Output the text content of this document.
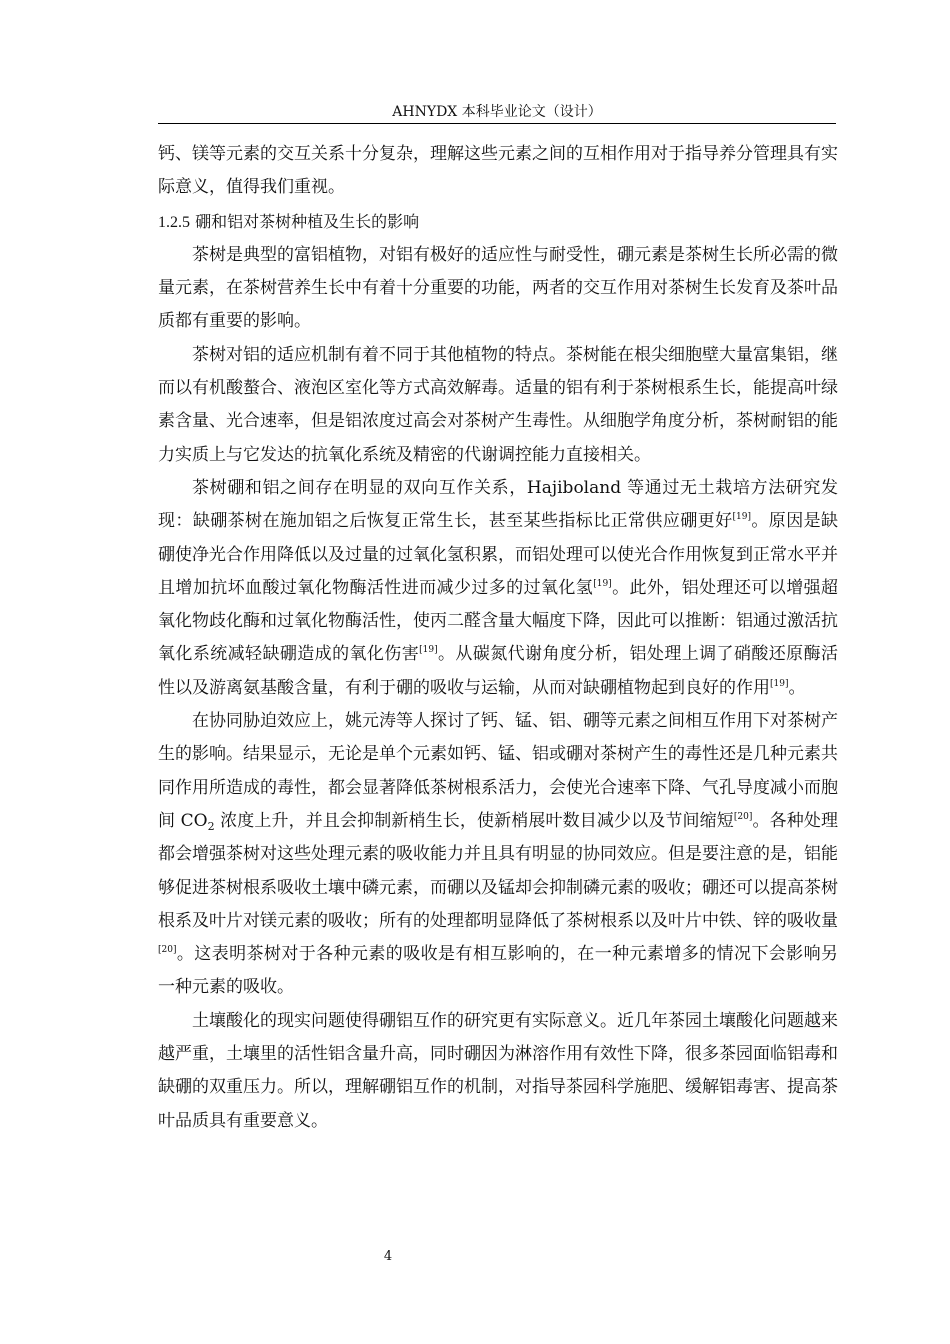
AHNYDX 本科毕业论文（设计）

钙、镁等元素的交互关系十分复杂，理解这些元素之间的互相作用对于指导养分管理具有实际意义，值得我们重视。

1.2.5 硼和铝对茶树种植及生长的影响

茶树是典型的富铝植物，对铝有极好的适应性与耐受性，硼元素是茶树生长所必需的微量元素，在茶树营养生长中有着十分重要的功能，两者的交互作用对茶树生长发育及茶叶品质都有重要的影响。

茶树对铝的适应机制有着不同于其他植物的特点。茶树能在根尖细胞壁大量富集铝，继而以有机酸螯合、液泡区室化等方式高效解毒。适量的铝有利于茶树根系生长，能提高叶绿素含量、光合速率，但是铝浓度过高会对茶树产生毒性。从细胞学角度分析，茶树耐铝的能力实质上与它发达的抗氧化系统及精密的代谢调控能力直接相关。

茶树硼和铝之间存在明显的双向互作关系，Hajiboland 等通过无土栽培方法研究发现：缺硼茶树在施加铝之后恢复正常生长，甚至某些指标比正常供应硼更好[19]。原因是缺硼使净光合作用降低以及过量的过氧化氢积累，而铝处理可以使光合作用恢复到正常水平并且增加抗坏血酸过氧化物酶活性进而减少过多的过氧化氢[19]。此外，铝处理还可以增强超氧化物歧化酶和过氧化物酶活性，使丙二醛含量大幅度下降，因此可以推断：铝通过激活抗氧化系统减轻缺硼造成的氧化伤害[19]。从碳氮代谢角度分析，铝处理上调了硝酸还原酶活性以及游离氨基酸含量，有利于硼的吸收与运输，从而对缺硼植物起到良好的作用[19]。

在协同胁迫效应上，姚元涛等人探讨了钙、锰、铝、硼等元素之间相互作用下对茶树产生的影响。结果显示，无论是单个元素如钙、锰、铝或硼对茶树产生的毒性还是几种元素共同作用所造成的毒性，都会显著降低茶树根系活力，会使光合速率下降、气孔导度减小而胞间 $CO_2$ 浓度上升，并且会抑制新梢生长，使新梢展叶数目减少以及节间缩短[20]。各种处理都会增强茶树对这些处理元素的吸收能力并且具有明显的协同效应。但是要注意的是，铝能够促进茶树根系吸收土壤中磷元素，而硼以及锰却会抑制磷元素的吸收；硼还可以提高茶树根系及叶片对镁元素的吸收；所有的处理都明显降低了茶树根系以及叶片中铁、锌的吸收量[20]。这表明茶树对于各种元素的吸收是有相互影响的，在一种元素增多的情况下会影响另一种元素的吸收。

土壤酸化的现实问题使得硼铝互作的研究更有实际意义。近几年茶园土壤酸化问题越来越严重，土壤里的活性铝含量升高，同时硼因为淋溶作用有效性下降，很多茶园面临铝毒和缺硼的双重压力。所以，理解硼铝互作的机制，对指导茶园科学施肥、缓解铝毒害、提高茶叶品质具有重要意义。

4
